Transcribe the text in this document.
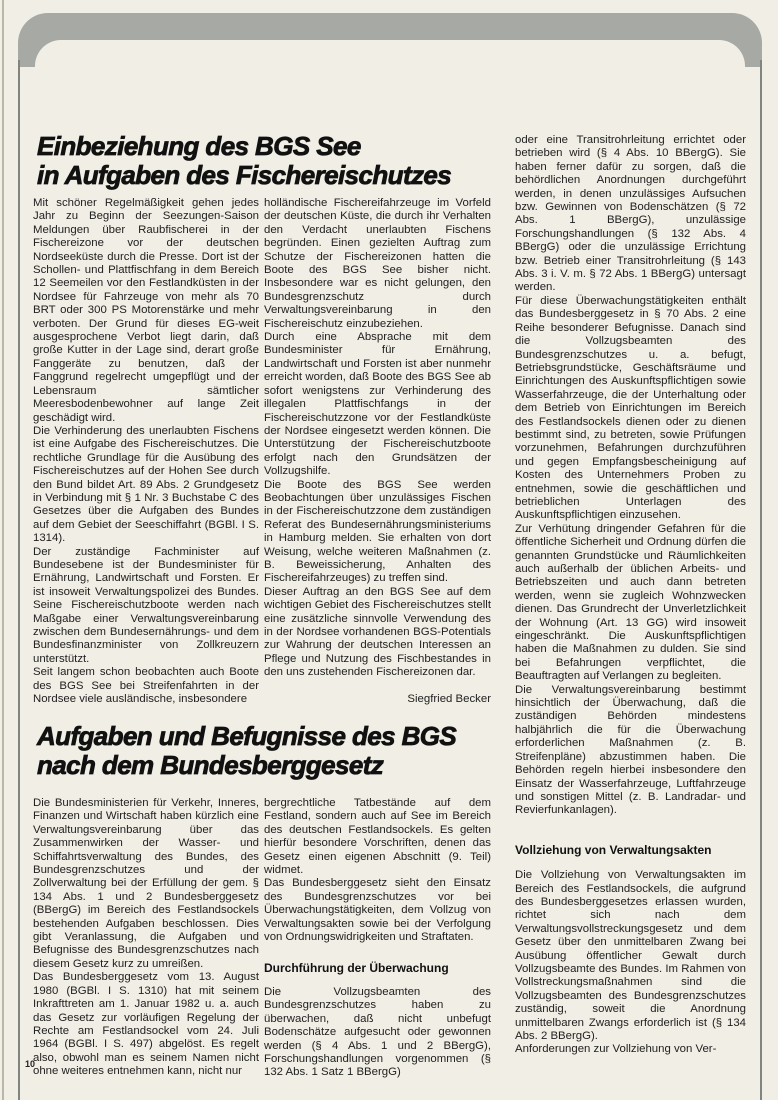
Einbeziehung des BGS See
in Aufgaben des Fischereischutzes

Mit schöner Regelmäßigkeit gehen jedes Jahr zu Beginn der Seezungen-Saison Meldungen über Raubfischerei in der Fischereizone vor der deutschen Nordseeküste durch die Presse. Dort ist der Schollen- und Plattfischfang in dem Bereich 12 Seemeilen vor den Festlandküsten in der Nordsee für Fahrzeuge von mehr als 70 BRT oder 300 PS Motorenstärke und mehr verboten. Der Grund für dieses EG-weit ausgesprochene Verbot liegt darin, daß große Kutter in der Lage sind, derart große Fanggeräte zu benutzen, daß der Fanggrund regelrecht umgepflügt und der Lebensraum sämtlicher Meeresbodenbewohner auf lange Zeit geschädigt wird.

Die Verhinderung des unerlaubten Fischens ist eine Aufgabe des Fischereischutzes. Die rechtliche Grundlage für die Ausübung des Fischereischutzes auf der Hohen See durch den Bund bildet Art. 89 Abs. 2 Grundgesetz in Verbindung mit § 1 Nr. 3 Buchstabe C des Gesetzes über die Aufgaben des Bundes auf dem Gebiet der Seeschiffahrt (BGBl. I S. 1314).

Der zuständige Fachminister auf Bundesebene ist der Bundesminister für Ernährung, Landwirtschaft und Forsten. Er ist insoweit Verwaltungspolizei des Bundes. Seine Fischereischutzboote werden nach Maßgabe einer Verwaltungsvereinbarung zwischen dem Bundesernährungs- und dem Bundesfinanzminister von Zollkreuzern unterstützt.

Seit langem schon beobachten auch Boote des BGS See bei Streifenfahrten in der Nordsee viele ausländische, insbesondere

holländische Fischereifahrzeuge im Vorfeld der deutschen Küste, die durch ihr Verhalten den Verdacht unerlaubten Fischens begründen. Einen gezielten Auftrag zum Schutze der Fischereizonen hatten die Boote des BGS See bisher nicht. Insbesondere war es nicht gelungen, den Bundesgrenzschutz durch Verwaltungsvereinbarung in den Fischereischutz einzubeziehen.

Durch eine Absprache mit dem Bundesminister für Ernährung, Landwirtschaft und Forsten ist aber nunmehr erreicht worden, daß Boote des BGS See ab sofort wenigstens zur Verhinderung des illegalen Plattfischfangs in der Fischereischutzzone vor der Festlandküste der Nordsee eingesetzt werden können. Die Unterstützung der Fischereischutzboote erfolgt nach den Grundsätzen der Vollzugshilfe.

Die Boote des BGS See werden Beobachtungen über unzulässiges Fischen in der Fischereischutzzone dem zuständigen Referat des Bundesernährungsministeriums in Hamburg melden. Sie erhalten von dort Weisung, welche weiteren Maßnahmen (z. B. Beweissicherung, Anhalten des Fischereifahrzeuges) zu treffen sind.

Dieser Auftrag an den BGS See auf dem wichtigen Gebiet des Fischereischutzes stellt eine zusätzliche sinnvolle Verwendung des in der Nordsee vorhandenen BGS-Potentials zur Wahrung der deutschen Interessen an Pflege und Nutzung des Fischbestandes in den uns zustehenden Fischereizonen dar.

Siegfried Becker

Aufgaben und Befugnisse des BGS
nach dem Bundesberggesetz

Die Bundesministerien für Verkehr, Inneres, Finanzen und Wirtschaft haben kürzlich eine Verwaltungsvereinbarung über das Zusammenwirken der Wasser- und Schiffahrtsverwaltung des Bundes, des Bundesgrenzschutzes und der Zollverwaltung bei der Erfüllung der gem. § 134 Abs. 1 und 2 Bundesberggesetz (BBergG) im Bereich des Festlandsockels bestehenden Aufgaben beschlossen. Dies gibt Veranlassung, die Aufgaben und Befugnisse des Bundesgrenzschutzes nach diesem Gesetz kurz zu umreißen.

Das Bundesberggesetz vom 13. August 1980 (BGBl. I S. 1310) hat mit seinem Inkrafttreten am 1. Januar 1982 u. a. auch das Gesetz zur vorläufigen Regelung der Rechte am Festlandsockel vom 24. Juli 1964 (BGBl. I S. 497) abgelöst. Es regelt also, obwohl man es seinem Namen nicht ohne weiteres entnehmen kann, nicht nur

bergrechtliche Tatbestände auf dem Festland, sondern auch auf See im Bereich des deutschen Festlandsockels. Es gelten hierfür besondere Vorschriften, denen das Gesetz einen eigenen Abschnitt (9. Teil) widmet.

Das Bundesberggesetz sieht den Einsatz des Bundesgrenzschutzes vor bei Überwachungstätigkeiten, dem Vollzug von Verwaltungsakten sowie bei der Verfolgung von Ordnungswidrigkeiten und Straftaten.

Durchführung der Überwachung

Die Vollzugsbeamten des Bundesgrenzschutzes haben zu überwachen, daß nicht unbefugt Bodenschätze aufgesucht oder gewonnen werden (§ 4 Abs. 1 und 2 BBergG), Forschungshandlungen vorgenommen (§ 132 Abs. 1 Satz 1 BBergG)

oder eine Transitrohrleitung errichtet oder betrieben wird (§ 4 Abs. 10 BBergG). Sie haben ferner dafür zu sorgen, daß die behördlichen Anordnungen durchgeführt werden, in denen unzulässiges Aufsuchen bzw. Gewinnen von Bodenschätzen (§ 72 Abs. 1 BBergG), unzulässige Forschungshandlungen (§ 132 Abs. 4 BBergG) oder die unzulässige Errichtung bzw. Betrieb einer Transitrohrleitung (§ 143 Abs. 3 i. V. m. § 72 Abs. 1 BBergG) untersagt werden.

Für diese Überwachungstätigkeiten enthält das Bundesberggesetz in § 70 Abs. 2 eine Reihe besonderer Befugnisse. Danach sind die Vollzugsbeamten des Bundesgrenzschutzes u. a. befugt, Betriebsgrundstücke, Geschäftsräume und Einrichtungen des Auskunftspflichtigen sowie Wasserfahrzeuge, die der Unterhaltung oder dem Betrieb von Einrichtungen im Bereich des Festlandsockels dienen oder zu dienen bestimmt sind, zu betreten, sowie Prüfungen vorzunehmen, Befahrungen durchzuführen und gegen Empfangsbescheinigung auf Kosten des Unternehmers Proben zu entnehmen, sowie die geschäftlichen und betrieblichen Unterlagen des Auskunftspflichtigen einzusehen.

Zur Verhütung dringender Gefahren für die öffentliche Sicherheit und Ordnung dürfen die genannten Grundstücke und Räumlichkeiten auch außerhalb der üblichen Arbeits- und Betriebszeiten und auch dann betreten werden, wenn sie zugleich Wohnzwecken dienen. Das Grundrecht der Unverletzlichkeit der Wohnung (Art. 13 GG) wird insoweit eingeschränkt. Die Auskunftspflichtigen haben die Maßnahmen zu dulden. Sie sind bei Befahrungen verpflichtet, die Beauftragten auf Verlangen zu begleiten.

Die Verwaltungsvereinbarung bestimmt hinsichtlich der Überwachung, daß die zuständigen Behörden mindestens halbjährlich die für die Überwachung erforderlichen Maßnahmen (z. B. Streifenpläne) abzustimmen haben. Die Behörden regeln hierbei insbesondere den Einsatz der Wasserfahrzeuge, Luftfahrzeuge und sonstigen Mittel (z. B. Landradar- und Revierfunkanlagen).

Vollziehung von Verwaltungsakten

Die Vollziehung von Verwaltungsakten im Bereich des Festlandsockels, die aufgrund des Bundesberggesetzes erlassen wurden, richtet sich nach dem Verwaltungsvollstreckungsgesetz und dem Gesetz über den unmittelbaren Zwang bei Ausübung öffentlicher Gewalt durch Vollzugsbeamte des Bundes. Im Rahmen von Vollstreckungsmaßnahmen sind die Vollzugsbeamten des Bundesgrenzschutzes zuständig, soweit die Anordnung unmittelbaren Zwangs erforderlich ist (§ 134 Abs. 2 BBergG).

Anforderungen zur Vollziehung von Ver-

10
